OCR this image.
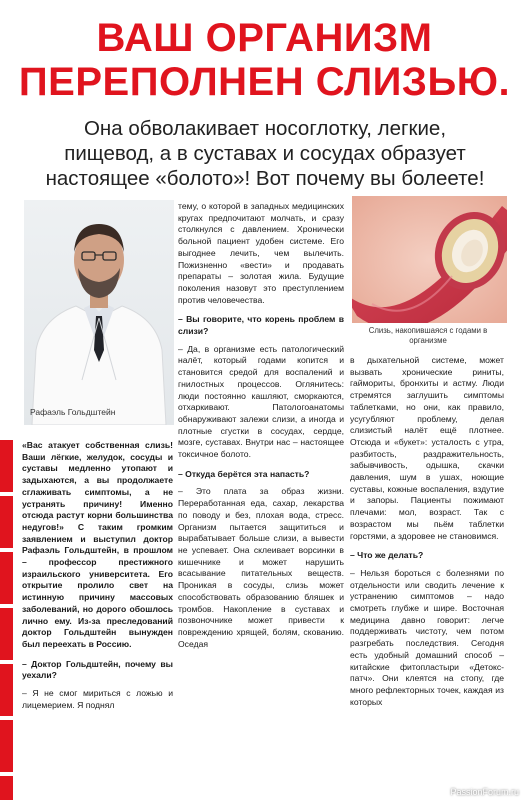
ВАШ ОРГАНИЗМ
ПЕРЕПОЛНЕН СЛИЗЬЮ.

Она обволакивает носоглотку, легкие, пищевод, а в суставах и сосудах образует настоящее «болото»! Вот почему вы болеете!

Рафаэль Гольдштейн

«Вас атакует собственная слизь! Ваши лёгкие, желудок, сосуды и суставы медленно утопают и задыхаются, а вы продолжаете сглаживать симптомы, а не устранять причину! Именно отсюда растут корни большинства недугов!» С таким громким заявлением и выступил доктор Рафаэль Гольдштейн, в прошлом – профессор престижного израильского университета. Его открытие пролило свет на истинную причину массовых заболеваний, но дорого обошлось лично ему. Из-за преследований доктор Гольдштейн вынужден был переехать в Россию.

– Доктор Гольдштейн, почему вы уехали?

– Я не смог мириться с ложью и лицемерием. Я поднял

тему, о которой в западных медицинских кругах предпочитают молчать, и сразу столкнулся с давлением. Хронически больной пациент удобен системе. Его выгоднее лечить, чем вылечить. Пожизненно «вести» и продавать препараты – золотая жила. Будущие поколения назовут это преступлением против человечества.

– Вы говорите, что корень проблем в слизи?

– Да, в организме есть патологический налёт, который годами копится и становится средой для воспалений и гнилостных процессов. Оглянитесь: люди постоянно кашляют, сморкаются, отхаркивают. Патологоанатомы обнаруживают залежи слизи, а иногда и плотные сгустки в сосудах, сердце, мозге, суставах. Внутри нас – настоящее токсичное болото.

– Откуда берётся эта напасть?

– Это плата за образ жизни. Переработанная еда, сахар, лекарства по поводу и без, плохая вода, стресс. Организм пытается защититься и вырабатывает больше слизи, а вывести не успевает. Она склеивает ворсинки в кишечнике и может нарушить всасывание питательных веществ. Проникая в сосуды, слизь может способствовать образованию бляшек и тромбов. Накопление в суставах и позвоночнике может привести к повреждению хрящей, болям, скованию. Оседая

Слизь, накопившаяся с годами в организме

в дыхательной системе, может вызвать хронические риниты, гаймориты, бронхиты и астму. Люди стремятся заглушить симптомы таблетками, но они, как правило, усугубляют проблему, делая слизистый налёт ещё плотнее. Отсюда и «букет»: усталость с утра, разбитость, раздражительность, забывчивость, одышка, скачки давления, шум в ушах, ноющие суставы, кожные воспаления, вздутие и запоры. Пациенты пожимают плечами: мол, возраст. Так с возрастом мы пьём таблетки горстями, а здоровее не становимся.

– Что же делать?

– Нельзя бороться с болезнями по отдельности или сводить лечение к устранению симптомов – надо смотреть глубже и шире. Восточная медицина давно говорит: легче поддерживать чистоту, чем потом разгребать последствия. Сегодня есть удобный домашний способ – китайские фитопластыри «Детокс-патч». Они клеятся на стопу, где много рефлекторных точек, каждая из которых

PassionForum.ru
